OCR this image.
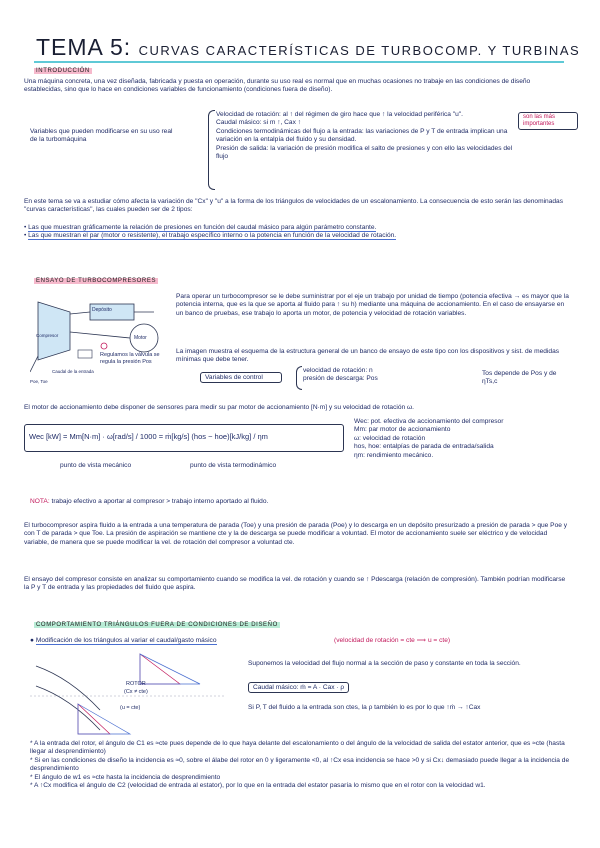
TEMA 5: CURVAS CARACTERÍSTICAS DE TURBOCOMP. Y TURBINAS
INTRODUCCIÓN
Una máquina concreta, una vez diseñada, fabricada y puesta en operación, durante su uso real es normal que en muchas ocasiones no trabaje en las condiciones de diseño establecidas, sino que lo hace en condiciones variables de funcionamiento (condiciones fuera de diseño).
Variables que pueden modificarse en su uso real de la turbomáquina
Velocidad de rotación: al ↑ del régimen de giro hace que ↑ la velocidad periférica "u".
Caudal másico: si m ↑, Cax ↑
Condiciones termodinámicas del flujo a la entrada: las variaciones de P y T de entrada implican una variación en la entalpía del fluido y su densidad.
Presión de salida: la variación de presión modifica el salto de presiones y con ello las velocidades del flujo
son las más importantes
En este tema se va a estudiar cómo afecta la variación de "Cx" y "u" a la forma de los triángulos de velocidades de un escalonamiento. La consecuencia de esto serán las denominadas "curvas características", las cuales pueden ser de 2 tipos:
• Las que muestran gráficamente la relación de presiones en función del caudal másico para algún parámetro constante.
• Las que muestran el par (motor o resistente), el trabajo específico interno o la potencia en función de la velocidad de rotación.
ENSAYO DE TURBOCOMPRESORES
Depósito
Motor
Compresor
Regulamos la válvula se regula la presión Pos
Caudal de la entrada
Poe, Toe
Para operar un turbocompresor se le debe suministrar por el eje un trabajo por unidad de tiempo (potencia efectiva → es mayor que la potencia interna, que es la que se aporta al fluido para ↑ su h) mediante una máquina de accionamiento. En el caso de ensayarse en un banco de pruebas, ese trabajo lo aporta un motor, de potencia y velocidad de rotación variables.
La imagen muestra el esquema de la estructura general de un banco de ensayo de este tipo con los dispositivos y sist. de medidas mínimas que debe tener.
Variables de control
velocidad de rotación: n
presión de descarga: Pos
Tos depende de Pos y de ηTs,c
El motor de accionamiento debe disponer de sensores para medir su par motor de accionamiento [N·m] y su velocidad de rotación ω.
Wec [kW] = Mm[N·m] · ω[rad/s] / 1000 = ṁ[kg/s] (hos − hoe)[kJ/kg] / ηm
punto de vista mecánico	punto de vista termodinámico
Wec: pot. efectiva de accionamiento del compresor
Mm: par motor de accionamiento
ω: velocidad de rotación
hos, hoe: entalpías de parada de entrada/salida
ηm: rendimiento mecánico.
NOTA: trabajo efectivo a aportar al compresor > trabajo interno aportado al fluido.
El turbocompresor aspira fluido a la entrada a una temperatura de parada (Toe) y una presión de parada (Poe) y lo descarga en un depósito presurizado a presión de parada > que Poe y con T de parada > que Toe. La presión de aspiración se mantiene cte y la de descarga se puede modificar a voluntad. El motor de accionamiento suele ser eléctrico y de velocidad variable, de manera que se puede modificar la vel. de rotación del compresor a voluntad cte.
El ensayo del compresor consiste en analizar su comportamiento cuando se modifica la vel. de rotación y cuando se ↑ Pdescarga (relación de compresión). También podrían modificarse la P y T de entrada y las propiedades del fluido que aspira.
COMPORTAMIENTO TRIÁNGULOS FUERA DE CONDICIONES DE DISEÑO
● Modificación de los triángulos al variar el caudal/gasto másico	(velocidad de rotación = cte ⟹ u = cte)
ROTOR
(Cx ≠ cte)
(u = cte)
Suponemos la velocidad del flujo normal a la sección de paso y constante en toda la sección.
Caudal másico: ṁ = A · Cax · ρ
Si P, T del fluido a la entrada son ctes, la ρ también lo es por lo que ↑ṁ → ↑Cax
* A la entrada del rotor, el ángulo de C1 es ≈cte pues depende de lo que haya delante del escalonamiento o del ángulo de la velocidad de salida del estator anterior, que es ≈cte (hasta llegar al desprendimiento)
* Si en las condiciones de diseño la incidencia es ≈0, sobre el álabe del rotor en 0 y ligeramente <0, al ↑Cx esa incidencia se hace >0 y si Cx↓ demasiado puede llegar a la incidencia de desprendimiento
* El ángulo de w1 es ≈cte hasta la incidencia de desprendimiento
* A ↑Cx modifica el ángulo de C2 (velocidad de entrada al estator), por lo que en la entrada del estator pasaría lo mismo que en el rotor con la velocidad w1.
